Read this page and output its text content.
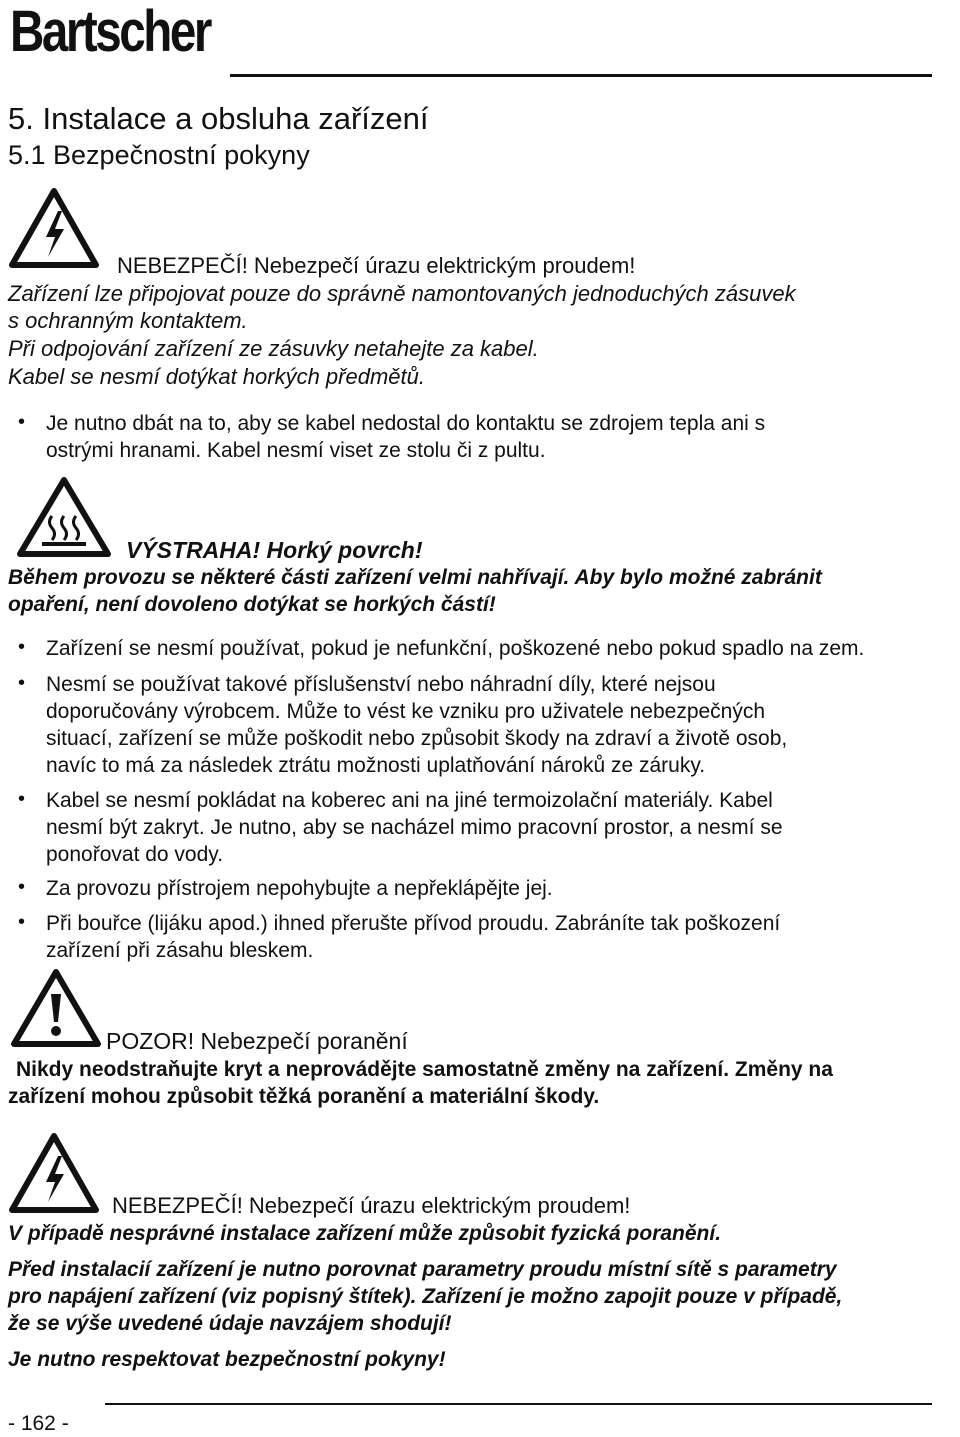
Bartscher
5. Instalace a obsluha zařízení
5.1 Bezpečnostní pokyny
NEBEZPEČÍ! Nebezpečí úrazu elektrickým proudem!
Zařízení lze připojovat pouze do správně namontovaných jednoduchých zásuvek
s ochranným kontaktem.
Při odpojování zařízení ze zásuvky netahejte za kabel.
Kabel se nesmí dotýkat horkých předmětů.
• Je nutno dbát na to, aby se kabel nedostal do kontaktu se zdrojem tepla ani s
ostrými hranami. Kabel nesmí viset ze stolu či z pultu.
VÝSTRAHA! Horký povrch!
Během provozu se některé části zařízení velmi nahřívají. Aby bylo možné zabránit
opaření, není dovoleno dotýkat se horkých částí!
• Zařízení se nesmí používat, pokud je nefunkční, poškozené nebo pokud spadlo na zem.
• Nesmí se používat takové příslušenství nebo náhradní díly, které nejsou
doporučovány výrobcem. Může to vést ke vzniku pro uživatele nebezpečných
situací, zařízení se může poškodit nebo způsobit škody na zdraví a životě osob,
navíc to má za následek ztrátu možnosti uplatňování nároků ze záruky.
• Kabel se nesmí pokládat na koberec ani na jiné termoizolační materiály. Kabel
nesmí být zakryt. Je nutno, aby se nacházel mimo pracovní prostor, a nesmí se
ponořovat do vody.
• Za provozu přístrojem nepohybujte a nepřeklápějte jej.
• Při bouřce (lijáku apod.) ihned přerušte přívod proudu. Zabráníte tak poškození
zařízení při zásahu bleskem.
POZOR! Nebezpečí poranění
Nikdy neodstraňujte kryt a neprovádějte samostatně změny na zařízení. Změny na
zařízení mohou způsobit těžká poranění a materiální škody.
NEBEZPEČÍ! Nebezpečí úrazu elektrickým proudem!
V případě nesprávné instalace zařízení může způsobit fyzická poranění.
Před instalacií zařízení je nutno porovnat parametry proudu místní sítě s parametry
pro napájení zařízení (viz popisný štítek). Zařízení je možno zapojit pouze v případě,
že se výše uvedené údaje navzájem shodují!
Je nutno respektovat bezpečnostní pokyny!
- 162 -
